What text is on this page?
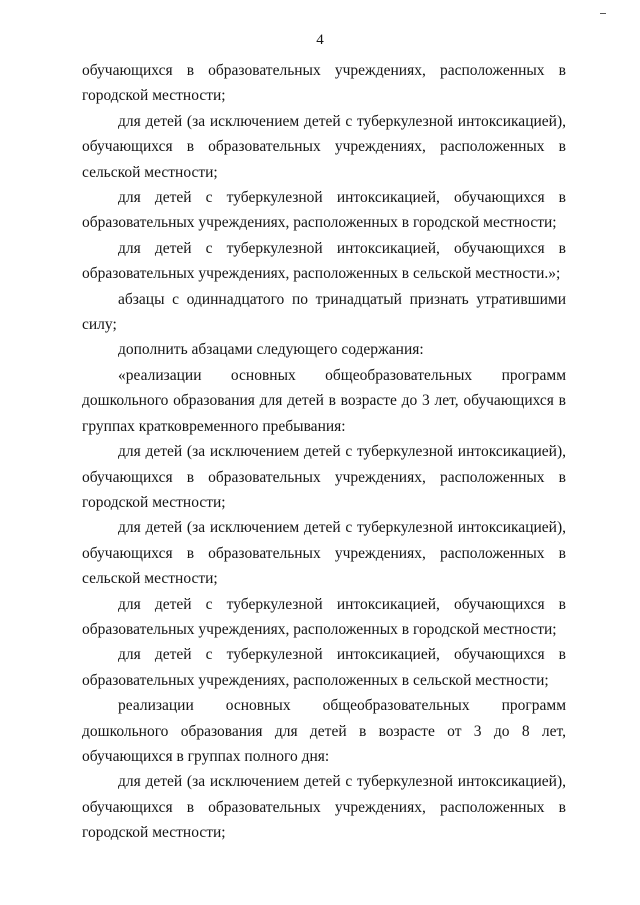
4

обучающихся в образовательных учреждениях, расположенных в городской местности;

для детей (за исключением детей с туберкулезной интоксикацией), обучающихся в образовательных учреждениях, расположенных в сельской местности;

для детей с туберкулезной интоксикацией, обучающихся в образовательных учреждениях, расположенных в городской местности;

для детей с туберкулезной интоксикацией, обучающихся в образовательных учреждениях, расположенных в сельской местности.»;

абзацы с одиннадцатого по тринадцатый признать утратившими силу;

дополнить абзацами следующего содержания:

«реализации основных общеобразовательных программ дошкольного образования для детей в возрасте до 3 лет, обучающихся в группах кратковременного пребывания:

для детей (за исключением детей с туберкулезной интоксикацией), обучающихся в образовательных учреждениях, расположенных в городской местности;

для детей (за исключением детей с туберкулезной интоксикацией), обучающихся в образовательных учреждениях, расположенных в сельской местности;

для детей с туберкулезной интоксикацией, обучающихся в образовательных учреждениях, расположенных в городской местности;

для детей с туберкулезной интоксикацией, обучающихся в образовательных учреждениях, расположенных в сельской местности;

реализации основных общеобразовательных программ дошкольного образования для детей в возрасте от 3 до 8 лет, обучающихся в группах полного дня:

для детей (за исключением детей с туберкулезной интоксикацией), обучающихся в образовательных учреждениях, расположенных в городской местности;
